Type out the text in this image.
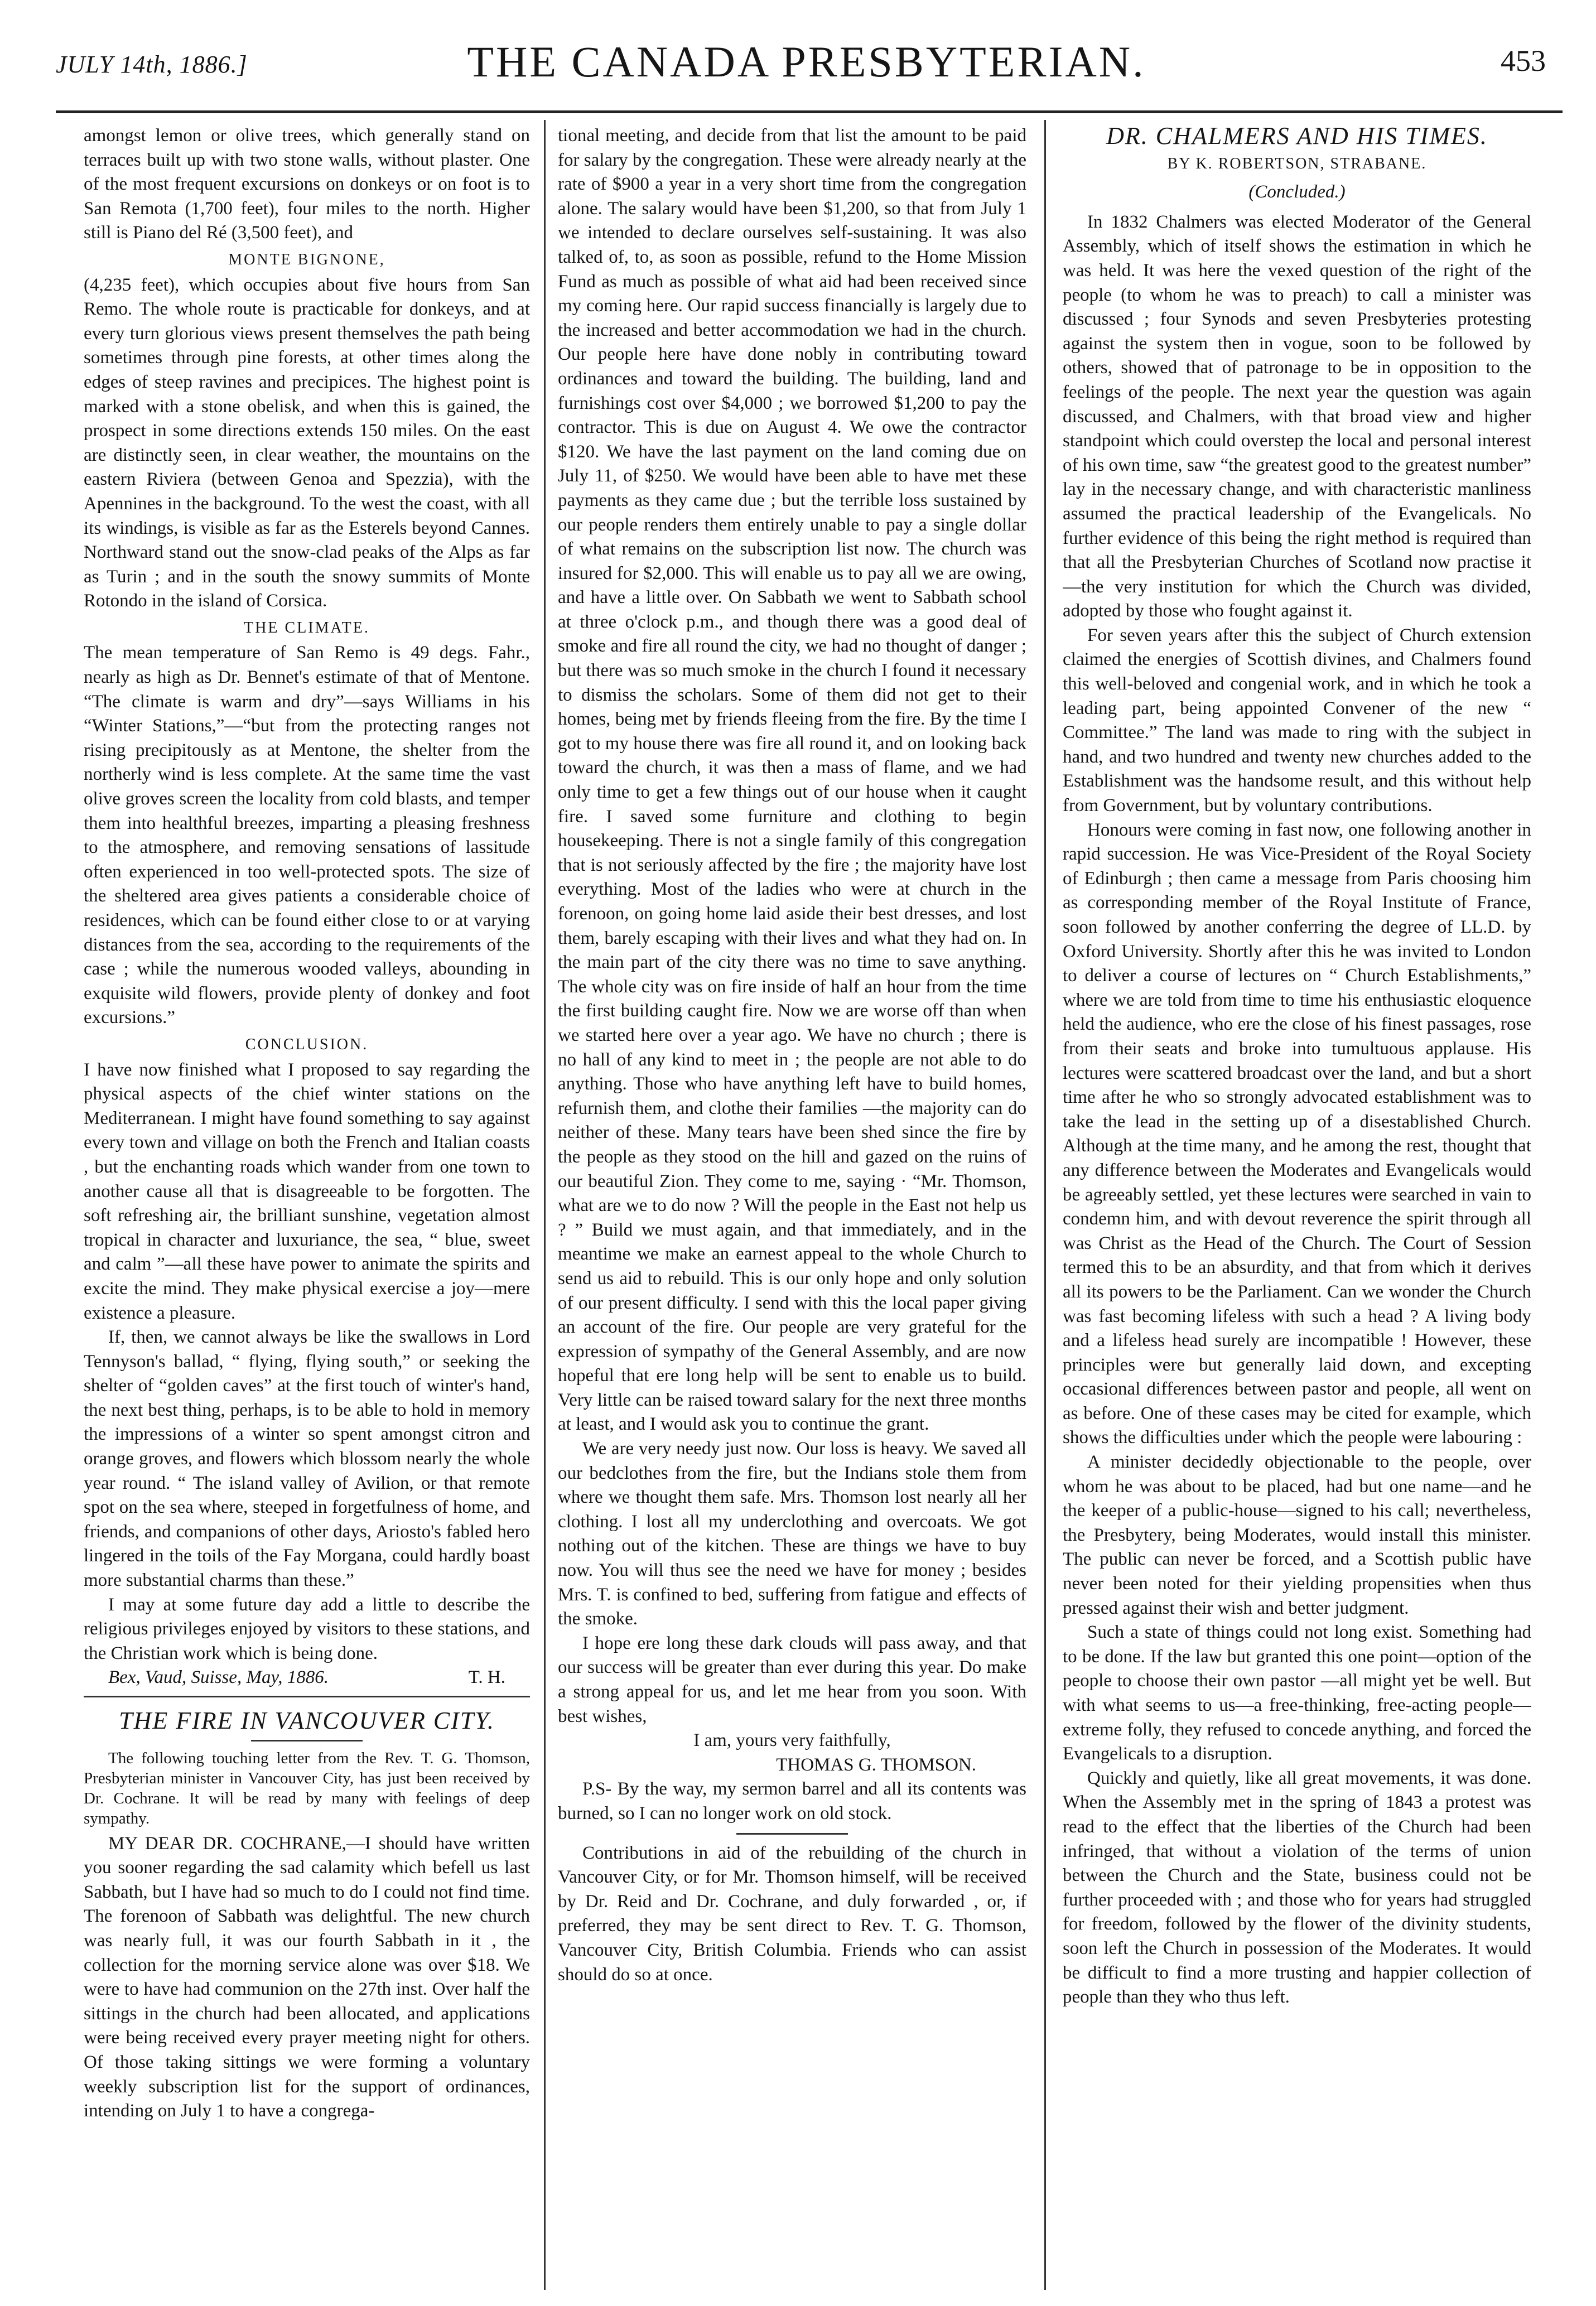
JULY 14th, 1886.]	THE CANADA PRESBYTERIAN.	453

amongst lemon or olive trees, which generally stand on terraces built up with two stone walls, without plaster. One of the most frequent excursions on donkeys or on foot is to San Remota (1,700 feet), four miles to the north. Higher still is Piano del Ré (3,500 feet), and

MONTE BIGNONE,

(4,235 feet), which occupies about five hours from San Remo. The whole route is practicable for donkeys, and at every turn glorious views present themselves the path being sometimes through pine forests, at other times along the edges of steep ravines and precipices. The highest point is marked with a stone obelisk, and when this is gained, the prospect in some directions extends 150 miles. On the east are distinctly seen, in clear weather, the mountains on the eastern Riviera (between Genoa and Spezzia), with the Apennines in the background. To the west the coast, with all its windings, is visible as far as the Esterels beyond Cannes. Northward stand out the snow-clad peaks of the Alps as far as Turin ; and in the south the snowy summits of Monte Rotondo in the island of Corsica.

THE CLIMATE.

The mean temperature of San Remo is 49 degs. Fahr., nearly as high as Dr. Bennet's estimate of that of Mentone. “The climate is warm and dry”—says Williams in his “Winter Stations,”—“but from the protecting ranges not rising precipitously as at Mentone, the shelter from the northerly wind is less complete. At the same time the vast olive groves screen the locality from cold blasts, and temper them into healthful breezes, imparting a pleasing freshness to the atmosphere, and removing sensations of lassitude often experienced in too well-protected spots. The size of the sheltered area gives patients a considerable choice of residences, which can be found either close to or at varying distances from the sea, according to the requirements of the case ; while the numerous wooded valleys, abounding in exquisite wild flowers, provide plenty of donkey and foot excursions.”

CONCLUSION.

I have now finished what I proposed to say regarding the physical aspects of the chief winter stations on the Mediterranean. I might have found something to say against every town and village on both the French and Italian coasts , but the enchanting roads which wander from one town to another cause all that is disagreeable to be forgotten. The soft refreshing air, the brilliant sunshine, vegetation almost tropical in character and luxuriance, the sea, “ blue, sweet and calm ”—all these have power to animate the spirits and excite the mind. They make physical exercise a joy—mere existence a pleasure.

If, then, we cannot always be like the swallows in Lord Tennyson's ballad, “ flying, flying south,” or seeking the shelter of “golden caves” at the first touch of winter's hand, the next best thing, perhaps, is to be able to hold in memory the impressions of a winter so spent amongst citron and orange groves, and flowers which blossom nearly the whole year round. “ The island valley of Avilion, or that remote spot on the sea where, steeped in forgetfulness of home, and friends, and companions of other days, Ariosto's fabled hero lingered in the toils of the Fay Morgana, could hardly boast more substantial charms than these.”

I may at some future day add a little to describe the religious privileges enjoyed by visitors to these stations, and the Christian work which is being done.

Bex, Vaud, Suisse, May, 1886.	T. H.
THE FIRE IN VANCOUVER CITY.
The following touching letter from the Rev. T. G. Thomson, Presbyterian minister in Vancouver City, has just been received by Dr. Cochrane. It will be read by many with feelings of deep sympathy.

MY DEAR DR. COCHRANE,—I should have written you sooner regarding the sad calamity which befell us last Sabbath, but I have had so much to do I could not find time. The forenoon of Sabbath was delightful. The new church was nearly full, it was our fourth Sabbath in it , the collection for the morning service alone was over $18. We were to have had communion on the 27th inst. Over half the sittings in the church had been allocated, and applications were being received every prayer meeting night for others. Of those taking sittings we were forming a voluntary weekly subscription list for the support of ordinances, intending on July 1 to have a congrega-

tional meeting, and decide from that list the amount to be paid for salary by the congregation. These were already nearly at the rate of $900 a year in a very short time from the congregation alone. The salary would have been $1,200, so that from July 1 we intended to declare ourselves self-sustaining. It was also talked of, to, as soon as possible, refund to the Home Mission Fund as much as possible of what aid had been received since my coming here. Our rapid success financially is largely due to the increased and better accommodation we had in the church. Our people here have done nobly in contributing toward ordinances and toward the building. The building, land and furnishings cost over $4,000 ; we borrowed $1,200 to pay the contractor. This is due on August 4. We owe the contractor $120. We have the last payment on the land coming due on July 11, of $250. We would have been able to have met these payments as they came due ; but the terrible loss sustained by our people renders them entirely unable to pay a single dollar of what remains on the subscription list now. The church was insured for $2,000. This will enable us to pay all we are owing, and have a little over. On Sabbath we went to Sabbath school at three o'clock p.m., and though there was a good deal of smoke and fire all round the city, we had no thought of danger ; but there was so much smoke in the church I found it necessary to dismiss the scholars. Some of them did not get to their homes, being met by friends fleeing from the fire. By the time I got to my house there was fire all round it, and on looking back toward the church, it was then a mass of flame, and we had only time to get a few things out of our house when it caught fire. I saved some furniture and clothing to begin housekeeping. There is not a single family of this congregation that is not seriously affected by the fire ; the majority have lost everything. Most of the ladies who were at church in the forenoon, on going home laid aside their best dresses, and lost them, barely escaping with their lives and what they had on. In the main part of the city there was no time to save anything. The whole city was on fire inside of half an hour from the time the first building caught fire. Now we are worse off than when we started here over a year ago. We have no church ; there is no hall of any kind to meet in ; the people are not able to do anything. Those who have anything left have to build homes, refurnish them, and clothe their families —the majority can do neither of these. Many tears have been shed since the fire by the people as they stood on the hill and gazed on the ruins of our beautiful Zion. They come to me, saying · “Mr. Thomson, what are we to do now ? Will the people in the East not help us ? ” Build we must again, and that immediately, and in the meantime we make an earnest appeal to the whole Church to send us aid to rebuild. This is our only hope and only solution of our present difficulty. I send with this the local paper giving an account of the fire. Our people are very grateful for the expression of sympathy of the General Assembly, and are now hopeful that ere long help will be sent to enable us to build. Very little can be raised toward salary for the next three months at least, and I would ask you to continue the grant.

We are very needy just now. Our loss is heavy. We saved all our bedclothes from the fire, but the Indians stole them from where we thought them safe. Mrs. Thomson lost nearly all her clothing. I lost all my underclothing and overcoats. We got nothing out of the kitchen. These are things we have to buy now. You will thus see the need we have for money ; besides Mrs. T. is confined to bed, suffering from fatigue and effects of the smoke.

I hope ere long these dark clouds will pass away, and that our success will be greater than ever during this year. Do make a strong appeal for us, and let me hear from you soon. With best wishes,

I am, yours very faithfully,
THOMAS G. THOMSON.

P.S- By the way, my sermon barrel and all its contents was burned, so I can no longer work on old stock.

Contributions in aid of the rebuilding of the church in Vancouver City, or for Mr. Thomson himself, will be received by Dr. Reid and Dr. Cochrane, and duly forwarded , or, if preferred, they may be sent direct to Rev. T. G. Thomson, Vancouver City, British Columbia. Friends who can assist should do so at once.

DR. CHALMERS AND HIS TIMES.
BY K. ROBERTSON, STRABANE.
(Concluded.)

In 1832 Chalmers was elected Moderator of the General Assembly, which of itself shows the estimation in which he was held. It was here the vexed question of the right of the people (to whom he was to preach) to call a minister was discussed ; four Synods and seven Presbyteries protesting against the system then in vogue, soon to be followed by others, showed that of patronage to be in opposition to the feelings of the people. The next year the question was again discussed, and Chalmers, with that broad view and higher standpoint which could overstep the local and personal interest of his own time, saw “the greatest good to the greatest number” lay in the necessary change, and with characteristic manliness assumed the practical leadership of the Evangelicals. No further evidence of this being the right method is required than that all the Presbyterian Churches of Scotland now practise it—the very institution for which the Church was divided, adopted by those who fought against it.

For seven years after this the subject of Church extension claimed the energies of Scottish divines, and Chalmers found this well-beloved and congenial work, and in which he took a leading part, being appointed Convener of the new “ Committee.” The land was made to ring with the subject in hand, and two hundred and twenty new churches added to the Establishment was the handsome result, and this without help from Government, but by voluntary contributions.

Honours were coming in fast now, one following another in rapid succession. He was Vice-President of the Royal Society of Edinburgh ; then came a message from Paris choosing him as corresponding member of the Royal Institute of France, soon followed by another conferring the degree of LL.D. by Oxford University. Shortly after this he was invited to London to deliver a course of lectures on “ Church Establishments,” where we are told from time to time his enthusiastic eloquence held the audience, who ere the close of his finest passages, rose from their seats and broke into tumultuous applause. His lectures were scattered broadcast over the land, and but a short time after he who so strongly advocated establishment was to take the lead in the setting up of a disestablished Church. Although at the time many, and he among the rest, thought that any difference between the Moderates and Evangelicals would be agreeably settled, yet these lectures were searched in vain to condemn him, and with devout reverence the spirit through all was Christ as the Head of the Church. The Court of Session termed this to be an absurdity, and that from which it derives all its powers to be the Parliament. Can we wonder the Church was fast becoming lifeless with such a head ? A living body and a lifeless head surely are incompatible ! However, these principles were but generally laid down, and excepting occasional differences between pastor and people, all went on as before. One of these cases may be cited for example, which shows the difficulties under which the people were labouring :

A minister decidedly objectionable to the people, over whom he was about to be placed, had but one name—and he the keeper of a public-house—signed to his call; nevertheless, the Presbytery, being Moderates, would install this minister. The public can never be forced, and a Scottish public have never been noted for their yielding propensities when thus pressed against their wish and better judgment.

Such a state of things could not long exist. Something had to be done. If the law but granted this one point—option of the people to choose their own pastor —all might yet be well. But with what seems to us—a free-thinking, free-acting people—extreme folly, they refused to concede anything, and forced the Evangelicals to a disruption.

Quickly and quietly, like all great movements, it was done. When the Assembly met in the spring of 1843 a protest was read to the effect that the liberties of the Church had been infringed, that without a violation of the terms of union between the Church and the State, business could not be further proceeded with ; and those who for years had struggled for freedom, followed by the flower of the divinity students, soon left the Church in possession of the Moderates. It would be difficult to find a more trusting and happier collection of people than they who thus left.
